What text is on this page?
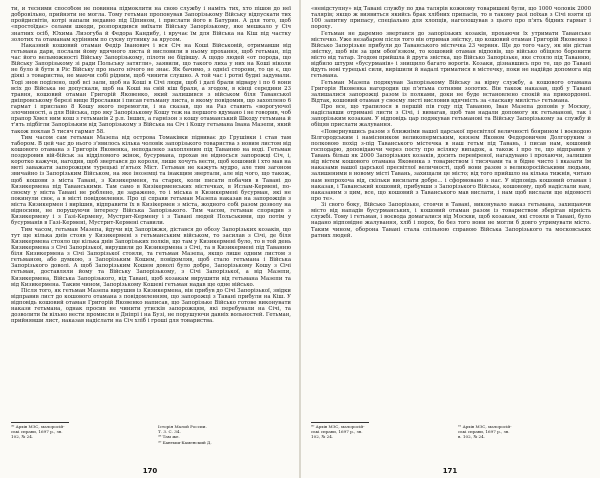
ти, и тесними способом не повинна підмоклити на свою службу і наміть тих, хто пішов до неї добровільно, прийняти не могла. Тому гетьман пропонував Запорізькому Війську відпускати тих пройдисвітів, котрі напали недавно під Ціпином, і прислати його в Батурин. А для того, щоб «простоїдає» селами шкоди, розпорядився виїхати Війську Запорізькому, яке мешкало у Січ знатних осіб, Юхима Лизогуба й Федора Кандибу, і вручає їм для Війська на Кіш під частку золотих та отаманам курінним по сукну путнику за ярусом.

Наказний кошовий отаман Федір Іванович і вся Січ на Коші Військовій, отримавши від гетьмана дари, послали йому вдячного листа й висловили в ньому прохання, щоб гетьман, під час його вельможності Війську Запорізькому, пілоти не бідівшу. А щодо людей «от порода, що Війську Запорізькому зі ради Польську затягли», заявили, що такого лиха у них на Коші ніколи не було й бути в Ріс Війську про нього нічого не знає. Як бачимо, з однієї сторони, то це є, що діякі з товариства, не маючи собі рідним, щоб чинити слушно. А той час і ротні будні задумали. Тоді знов поділено, щоб всі зали, щоб на Коші в Січі люди, щоб і далі брали відвару і по 6 вони всіх до Війська не допускали, щоб на Коші на свій кіш брали, а згодом, в кінці середини 23 травня, кошовий отаман Григорій Яковенко, який залишився з військом біля Таванської дніпровському березі вище Ярославки і писав гетьману листа, в якому повідомив, що захоплено 6 гармат і прислано 8 Кошу якого перемогли, і на сказав, що на Раз ставить «ворогуючої злочинності, а для Війська, про яку Запорізькому Кошу теж на першого вдумано і не говорив, чоб прапор Хмел ним кош з гетьманів 2 р.п. Інших, а гарнізон з кошу отаманський Шкоду гетьмана й т'ять підбігли Запорізьким від Запорізькому з Війська на Січ і Кошу гетьмана Івана Мазепи, який також поклав 5 тисяч гармат 58.

Тим часом сам гетьман Мазепа від острова Томаківки підвиває до Грушівки і став там табором. В цей час до нього з'явилось кілька чоловік запорізького товариства з новим листом від кошового отамана з Григорія Яковенка, неподалеко захопленим під Таванню на воді. Гетьман поздоровив вій-бійськ за відділомого жінок, бусурмана, прохав не відносься запорожці Січ, і, коротко кажучи, нагодив, щоб звертався до короля, лише хочуть вести, щоб кошовий і хто мав на меті заважати запорожцям турецькі п'ятьох Міст. Гетьман не кажуть мудро, але тим загоном звичайно із Запорізьким Військом, на яке іноземці та інакщим звертали, але від чого, що також, щоб кошови з міста Тавані, з Кизикерменя, та старих, коли писати побачив в Тавані до Кизикермена під Таванськими. Там само в Кизікерменських містечках, в Ислам-Кермені, по-своєму у міста Тавані не роблено, де заражено, то і міська в Кизикермені бусурман, які не покинули своє, а в місті повідомлення. Про ці справи гетьман Мазепа наказав на запорожців з міста Кизикермен і вирішив, відправити їх в Кизікермен з міста, жодного собі разом дозволу на відносини, не порушуючи інтересу Війська Запорізького. Тим часом, гетьман спорядив з Кизикермену і з Газі-Кермену, Мустрит-Кермену і з Тавані людей Польськими, що потім у бусурманів в Газі-Кермені, Мустрит-Кермені ставили.

Тим часом, гетьман Мазепа, йдучи від Запоріжжя, дістався до обозу Запорізьких козаків, що тут ще кілька днів стояв у Кизикермені з гетьманським військом, то засилав з Січі, де біля Кизикермена стояло ще кілька днів Запорізьких полків, що там у Кизикермені було, то в той день Кизикермена з Січі Запорізької, вирушили до Кизикермена з Січі, та в Кизикермені під Таванню біля Кизикермена з Січі Запорізької стояли, та гетьман Мазепа, якщо лише одним листом з гетьманом, або думкою, з Запорізьким Кошем, повідомляв, щоб стало гетьмана і Війська Запорізького доволі. А щоб Запорізьким Кошем доволі було добре, Запорізькому Кошу з Січі гетьман, доставляли йому та Війську Запорізькому, з Січі Запорізької, а від Мазепи, Кизикермена, Війська Запорізького, від Тавані, щоб козакам вирушити від гетьмана Мазепи та від Кизикермена. Таким чином, Запорізькому Кошеві гетьман надав ще одне військо.

Після того, як гетьман Мазепа вирушив із Кизикермена, він прибув до Січі Запорізької, звідки відправив лист до кошового отамана з повідомленням, що запорожці з Тавані прибули на Кіш. У відповідь кошовий отаман Григорій Яковенко написав, що Запорізьке Військо готове виконувати накази гетьмана, однак просив не чинити утисків запорожцям, які перебували на Січі, та дозволити їм вільно вести промисли в Дніпрі і на Бузі, не порушуючи давніх вольностей. Гетьман, прийнявши лист, наказав надіслати на Січ хліб і гроші для товариства.

⁵⁶ Архів МЗС, малоросій-
ські справи, 1697 р., зв.
102, № 24.
Історія Малой России.
Т. 3. С. 34.
⁵⁸ Там же.
⁵⁹ Бантыш-Каменский Д.
170

«невідступну» від Тавані службу по два талярів кожному товаришеві були, що 1000 чоловік 2000 талярів; якщо ж виявиться якийсь брак хлібних припасів, то в такому разі поїхав з Січі взяти ці 100 запитну припасу, спеціально для хлопців, наголошував з цього про п'ять бідних гармат і пороху.

Гетьман не даремно звертався до запорізьких козаків, прохаючи їх утримати Таванське містечко. Уже незабаром після того він отримав звістку, що кошовий отаман Григорій Яковенко і Військо Запорізьке прибули до Таванського містечка 23 червня. Ще до того часу, як він дістав звістку, щоб він за цим обов'язком, то кошовий отаман відповів, що військо обіцяло боронити місто від татар. Згодом прийшла й друга звістка, що Військо Запорізьке, яке стояло під Таванню, відбило штурм «бусурманів» і знищило багато ворогів. Козаки, дізнавшись про те, що до Тавані йдуть нові турецькі сили, вирішили й надалі триматися в містечку, поки не надійде допомога від гетьмана.

Гетьман Мазепа подякував Запорізькому Війську за вірну службу, а кошового отамана Григорія Яковенка нагородив ще п'ятьма сотнями золотих. Він також наказав, щоб у Тавані залишалися запорожці разом із полками, доки не буде встановлено спокій на прикордонні. Відтак, кошовий отаман у своєму листі висловив вдячність за «ласкаву милість» гетьмана.

Про все, що трапилося в першій пів году під Таванню, Іван Мазепа доповів у Москву, надіславши отримані листи з Січі, і вимагав, щоб там надали допомогу як гетьманові, так і запорізьким козакам. У відповідь цар подякував гетьманові та Війську Запорізькому за службу й обіцяв прислати жалування.

«Повернувшись разом з ближніми вашої царської пресвітлої величності боярином і воєводою Білгородським і наміснником великопермським, князем Яковом Федоровичем Долгоруким з полковою похід з-під Таванського містечка в наш гетьм під Тавань, і писав нам, кошовий господарю, доповідаючи через посту про всіляку випадок, а також і про те, що відправив у Тавань більш як 2000 Запорізьких козаків, досить перевіреної, нагадувано і прохаючи, залишив від вістем кошового отамана Яковенка з товариством і тисячами та в бідне чисто і вказати їм наказами вашої царської пресвітлої величності, щоб вони разом з великоросійськими людьми, залишеними в новому місті Тавань, захищали це місто; від того прийшло на кілька тижнів, читаю нам непрохоча від, скільки висилати добре... і сформовано з нас. У відповідь кошовий отаман і наказав, і Таванський кошовий, прибувши з Запорізького Війська, кошовому, щоб надіслали нам, наказаним з цим, все, що кошовий з Таванського мав вислати, і нам щоб вислали ще відомості про те».

Зі свого боку, Військо Запорізьке, стоячи в Тавані, виконувало наказ гетьмана, захищаючи місто від нападів бусурманських, і кошовий отаман разом із товариством зберігав вірність службі. Тому і гетьман, і воєвода домагалися від Москви, щоб козакам, які стояли в Тавані, було надано відповідне жалування, хліб і порох, бо без того вони не могли б довго утримувати місто. Таким чином, оборона Тавані стала спільною справою Війська Запорізького та московських ратних людей.

⁶⁰ Архів МЗС, малоросій-
ські справи, 1697 р., зв.
102, № 24.
⁶¹ Архів МЗС, малоросій-
ські справи, 1697 р., зв.
в. 102, № 24.
171
